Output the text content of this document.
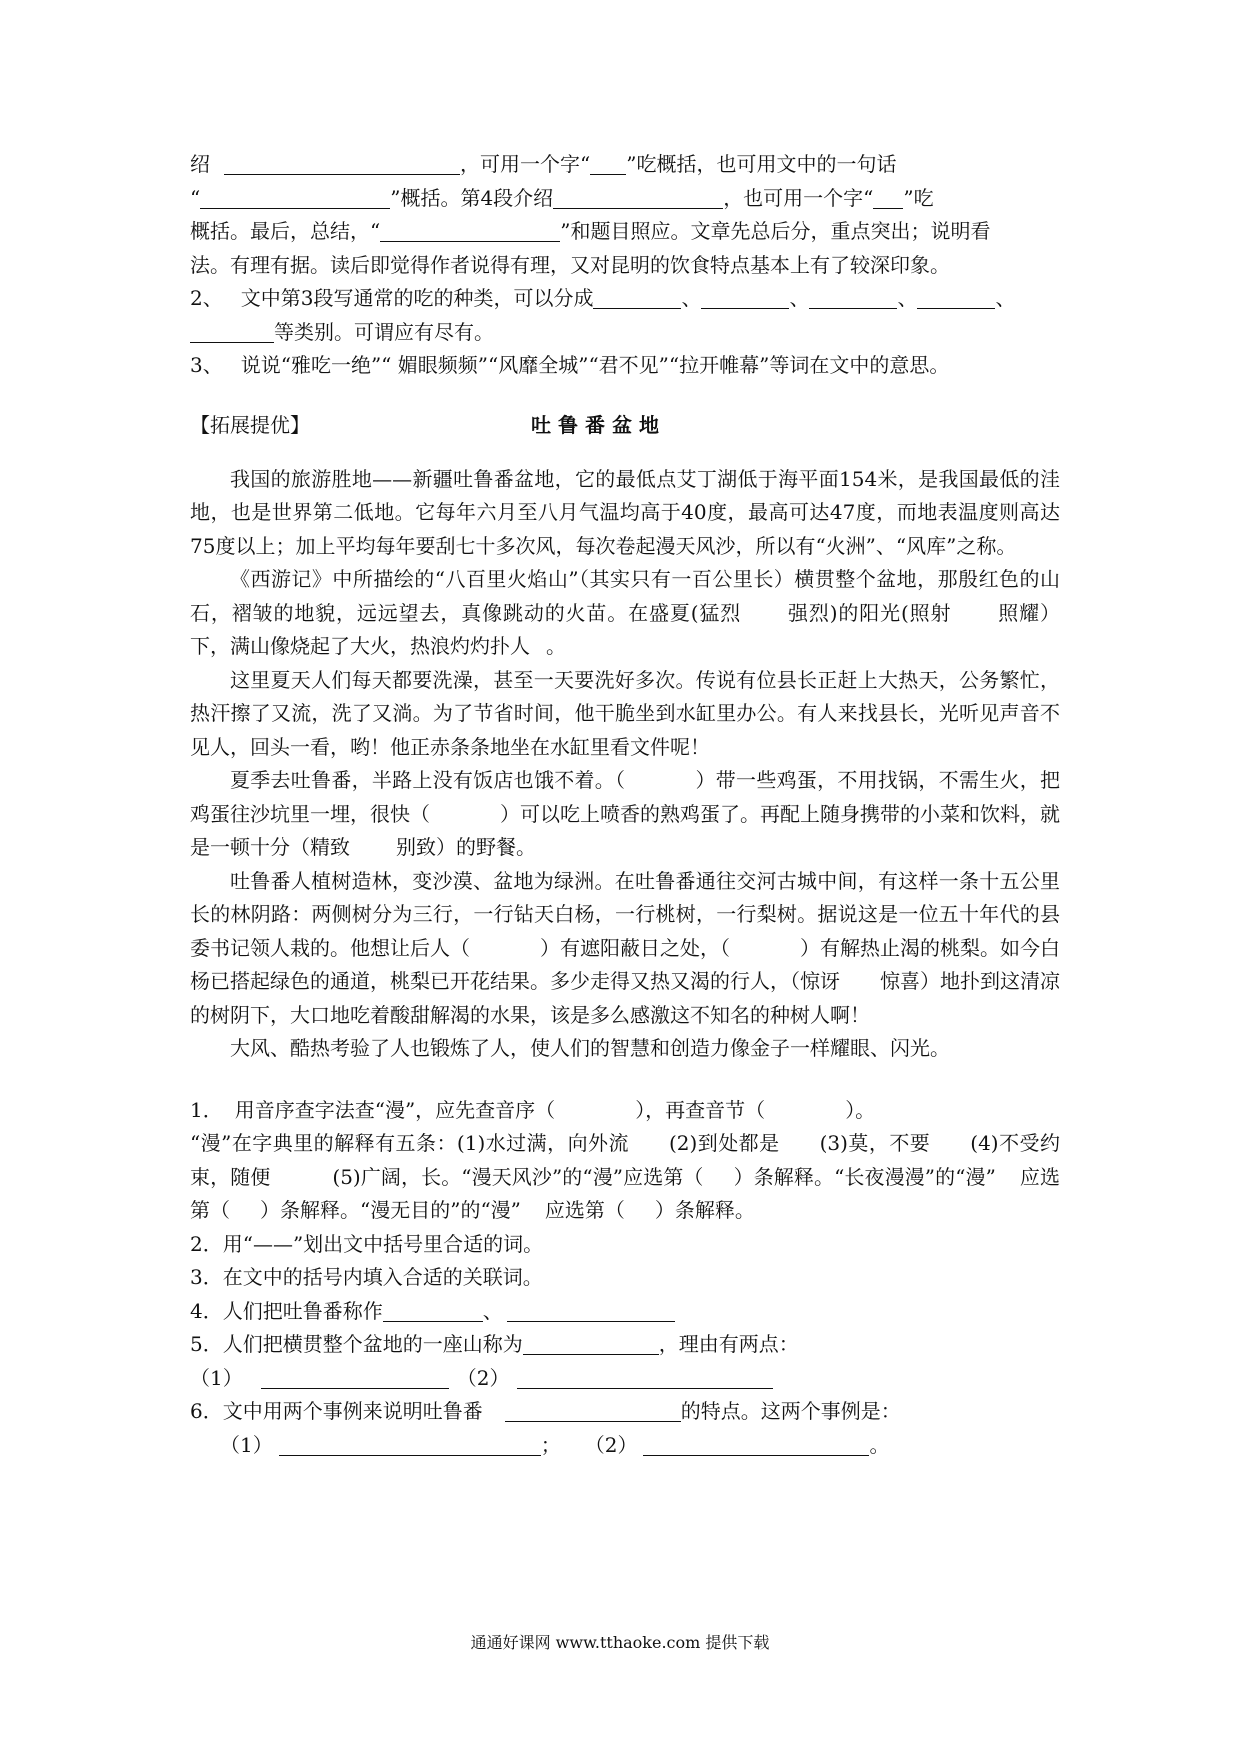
绍	，可用一个字“ ”吃概括，也可用文中的一句话

“	”概括。第4段介绍	，也可用一个字“ ”吃

概括。最后，总结，“	”和题目照应。文章先总后分，重点突出；说明看

法。有理有据。读后即觉得作者说得有理，又对昆明的饮食特点基本上有了较深印象。

2、 文中第3段写通常的吃的种类，可以分成	、	、	、	、

等类别。可谓应有尽有。

3、 说说“雅吃一绝”“ 媚眼频频”“风靡全城”“君不见”“拉开帷幕”等词在文中的意思。

【拓展提优】	吐鲁番盆地

我国的旅游胜地——新疆吐鲁番盆地，它的最低点艾丁湖低于海平面154米，是我国最低的洼地，也是世界第二低地。它每年六月至八月气温均高于40度，最高可达47度，而地表温度则高达75度以上；加上平均每年要刮七十多次风，每次卷起漫天风沙，所以有“火洲”、“风库”之称。

《西游记》中所描绘的“八百里火焰山”（其实只有一百公里长）横贯整个盆地，那殷红色的山石，褶皱的地貌，远远望去，真像跳动的火苗。在盛夏(猛烈 强烈)的阳光(照射 照耀）下，满山像烧起了大火，热浪灼灼扑人 。

这里夏天人们每天都要洗澡，甚至一天要洗好多次。传说有位县长正赶上大热天，公务繁忙，热汗擦了又流，洗了又淌。为了节省时间，他干脆坐到水缸里办公。有人来找县长，光听见声音不见人，回头一看，哟！他正赤条条地坐在水缸里看文件呢！

夏季去吐鲁番，半路上没有饭店也饿不着。（	）带一些鸡蛋，不用找锅，不需生火，把鸡蛋往沙坑里一埋，很快（	）可以吃上喷香的熟鸡蛋了。再配上随身携带的小菜和饮料，就是一顿十分（精致 别致）的野餐。

吐鲁番人植树造林，变沙漠、盆地为绿洲。在吐鲁番通往交河古城中间，有这样一条十五公里长的林阴路：两侧树分为三行，一行钻天白杨，一行桃树，一行梨树。据说这是一位五十年代的县委书记领人栽的。他想让后人（	）有遮阳蔽日之处，（	）有解热止渴的桃梨。如今白杨已搭起绿色的通道，桃梨已开花结果。多少走得又热又渴的行人，（惊讶 惊喜）地扑到这清凉的树阴下，大口地吃着酸甜解渴的水果，该是多么感激这不知名的种树人啊！

大风、酷热考验了人也锻炼了人，使人们的智慧和创造力像金子一样耀眼、闪光。

1． 用音序查字法查“漫”，应先查音序（	），再查音节（	）。

“漫”在字典里的解释有五条：(1)水过满，向外流 (2)到处都是 (3)莫，不要 (4)不受约束，随便	(5)广阔，长。“漫天风沙”的“漫”应选第（ ）条解释。“长夜漫漫”的“漫” 应选第（ ）条解释。“漫无目的”的“漫” 应选第（ ）条解释。

2．用“——”划出文中括号里合适的词。

3．在文中的括号内填入合适的关联词。

4．人们把吐鲁番称作	、

5．人们把横贯整个盆地的一座山称为	，理由有两点：

（1）	（2）

6．文中用两个事例来说明吐鲁番	的特点。这两个事例是：

（1）	； （2）	。

通通好课网 www.tthaoke.com 提供下载
